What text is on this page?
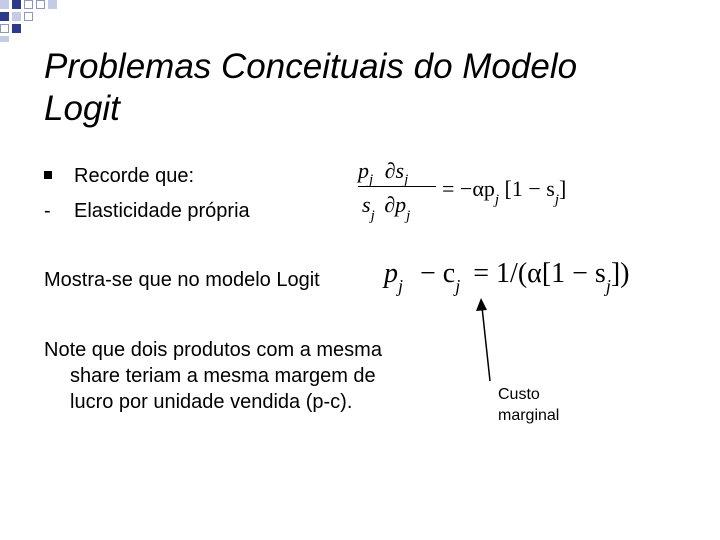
Problemas Conceituais do Modelo
Logit
Recorde que:
-	Elasticidade própria
$p_j$ $\partial s_j$
$s_j$ $\partial p_j$
= $-\alpha p_j$ $[1 - s_j]$
Mostra-se que no modelo Logit $p_j - c_j = 1/(\alpha[1 - s_j])$
Note que dois produtos com a mesma
share teriam a mesma margem de
lucro por unidade vendida (p-c).	Custo
marginal
